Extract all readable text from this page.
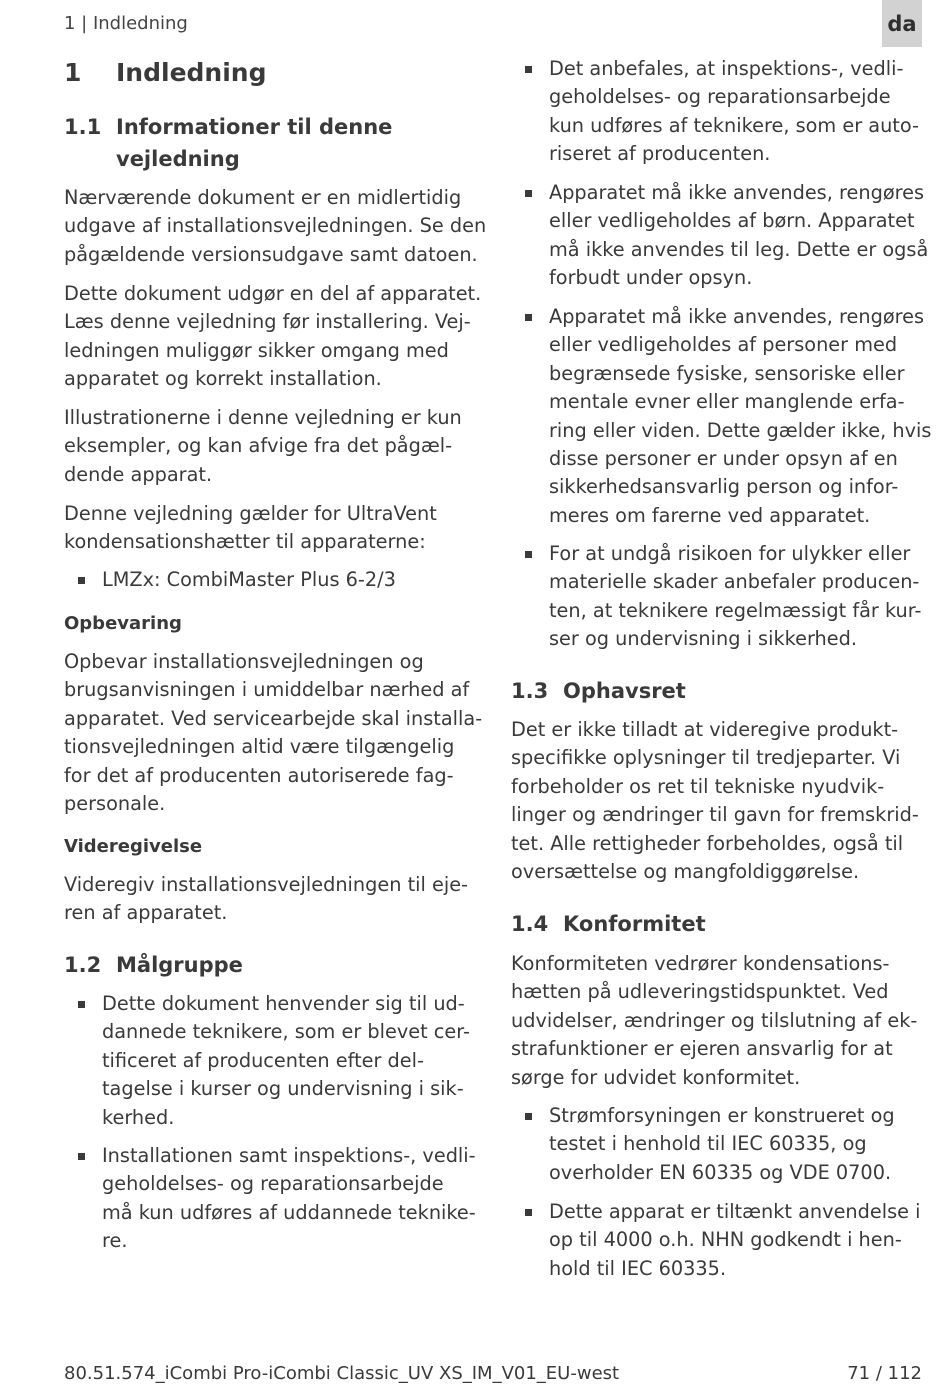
1 | Indledning	da
1 Indledning
1.1 Informationer til denne
vejledning
Nærværende dokument er en midlertidig
udgave af installationsvejledningen. Se den
pågældende versionsudgave samt datoen.
Dette dokument udgør en del af apparatet.
Læs denne vejledning før installering. Vej-
ledningen muliggør sikker omgang med
apparatet og korrekt installation.
Illustrationerne i denne vejledning er kun
eksempler, og kan afvige fra det pågæl-
dende apparat.
Denne vejledning gælder for UltraVent
kondensationshætter til apparaterne:
LMZx: CombiMaster Plus 6-2/3
Opbevaring
Opbevar installationsvejledningen og
brugsanvisningen i umiddelbar nærhed af
apparatet. Ved servicearbejde skal installa-
tionsvejledningen altid være tilgængelig
for det af producenten autoriserede fag-
personale.
Videregivelse
Videregiv installationsvejledningen til eje-
ren af apparatet.
1.2 Målgruppe
Dette dokument henvender sig til ud-
dannede teknikere, som er blevet cer-
tificeret af producenten efter del-
tagelse i kurser og undervisning i sik-
kerhed.
Installationen samt inspektions-, vedli-
geholdelses- og reparationsarbejde
må kun udføres af uddannede teknike-
re.
Det anbefales, at inspektions-, vedli-
geholdelses- og reparationsarbejde
kun udføres af teknikere, som er auto-
riseret af producenten.
Apparatet må ikke anvendes, rengøres
eller vedligeholdes af børn. Apparatet
må ikke anvendes til leg. Dette er også
forbudt under opsyn.
Apparatet må ikke anvendes, rengøres
eller vedligeholdes af personer med
begrænsede fysiske, sensoriske eller
mentale evner eller manglende erfa-
ring eller viden. Dette gælder ikke, hvis
disse personer er under opsyn af en
sikkerhedsansvarlig person og infor-
meres om farerne ved apparatet.
For at undgå risikoen for ulykker eller
materielle skader anbefaler producen-
ten, at teknikere regelmæssigt får kur-
ser og undervisning i sikkerhed.
1.3 Ophavsret
Det er ikke tilladt at videregive produkt-
specifikke oplysninger til tredjeparter. Vi
forbeholder os ret til tekniske nyudvik-
linger og ændringer til gavn for fremskrid-
tet. Alle rettigheder forbeholdes, også til
oversættelse og mangfoldiggørelse.
1.4 Konformitet
Konformiteten vedrører kondensations-
hætten på udleveringstidspunktet. Ved
udvidelser, ændringer og tilslutning af ek-
strafunktioner er ejeren ansvarlig for at
sørge for udvidet konformitet.
Strømforsyningen er konstrueret og
testet i henhold til IEC 60335, og
overholder EN 60335 og VDE 0700.
Dette apparat er tiltænkt anvendelse i
op til 4000 o.h. NHN godkendt i hen-
hold til IEC 60335.
80.51.574_iCombi Pro-iCombi Classic_UV XS_IM_V01_EU-west	71 / 112
